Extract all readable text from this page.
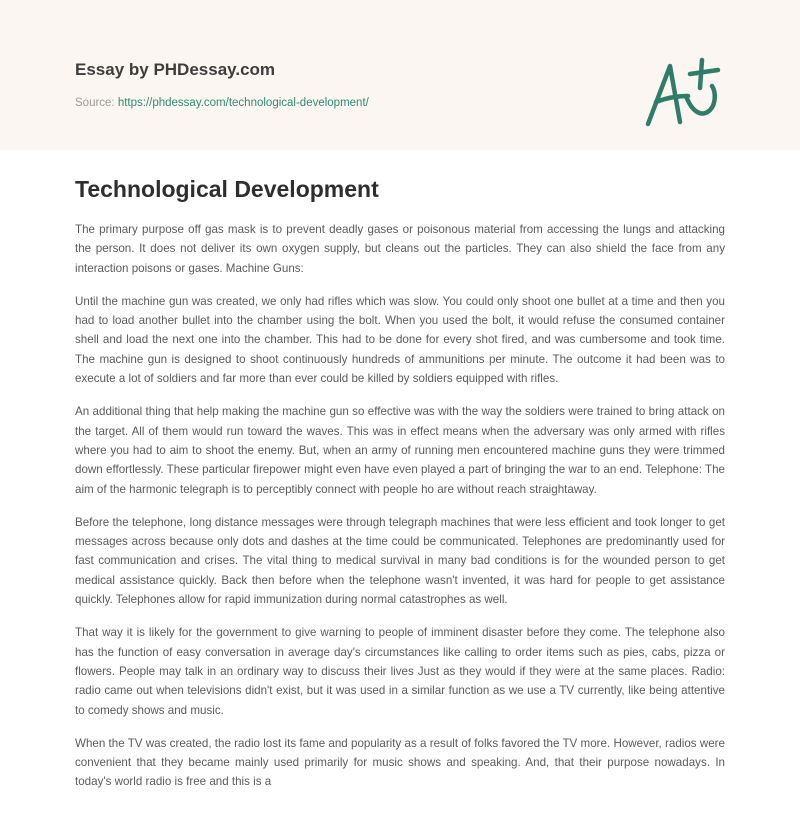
Essay by PHDessay.com
Source: https://phdessay.com/technological-development/
Technological Development

The primary purpose off gas mask is to prevent deadly gases or poisonous material from accessing the lungs and attacking the person. It does not deliver its own oxygen supply, but cleans out the particles. They can also shield the face from any interaction poisons or gases. Machine Guns:

Until the machine gun was created, we only had rifles which was slow. You could only shoot one bullet at a time and then you had to load another bullet into the chamber using the bolt. When you used the bolt, it would refuse the consumed container shell and load the next one into the chamber. This had to be done for every shot fired, and was cumbersome and took time. The machine gun is designed to shoot continuously hundreds of ammunitions per minute. The outcome it had been was to execute a lot of soldiers and far more than ever could be killed by soldiers equipped with rifles.

An additional thing that help making the machine gun so effective was with the way the soldiers were trained to bring attack on the target. All of them would run toward the waves. This was in effect means when the adversary was only armed with rifles where you had to aim to shoot the enemy. But, when an army of running men encountered machine guns they were trimmed down effortlessly. These particular firepower might even have even played a part of bringing the war to an end. Telephone: The aim of the harmonic telegraph is to perceptibly connect with people ho are without reach straightaway.

Before the telephone, long distance messages were through telegraph machines that were less efficient and took longer to get messages across because only dots and dashes at the time could be communicated. Telephones are predominantly used for fast communication and crises. The vital thing to medical survival in many bad conditions is for the wounded person to get medical assistance quickly. Back then before when the telephone wasn't invented, it was hard for people to get assistance quickly. Telephones allow for rapid immunization during normal catastrophes as well.

That way it is likely for the government to give warning to people of imminent disaster before they come. The telephone also has the function of easy conversation in average day's circumstances like calling to order items such as pies, cabs, pizza or flowers. People may talk in an ordinary way to discuss their lives Just as they would if they were at the same places. Radio: radio came out when televisions didn't exist, but it was used in a similar function as we use a TV currently, like being attentive to comedy shows and music.

When the TV was created, the radio lost its fame and popularity as a result of folks favored the TV more. However, radios were convenient that they became mainly used primarily for music shows and speaking. And, that their purpose nowadays. In today's world radio is free and this is a
